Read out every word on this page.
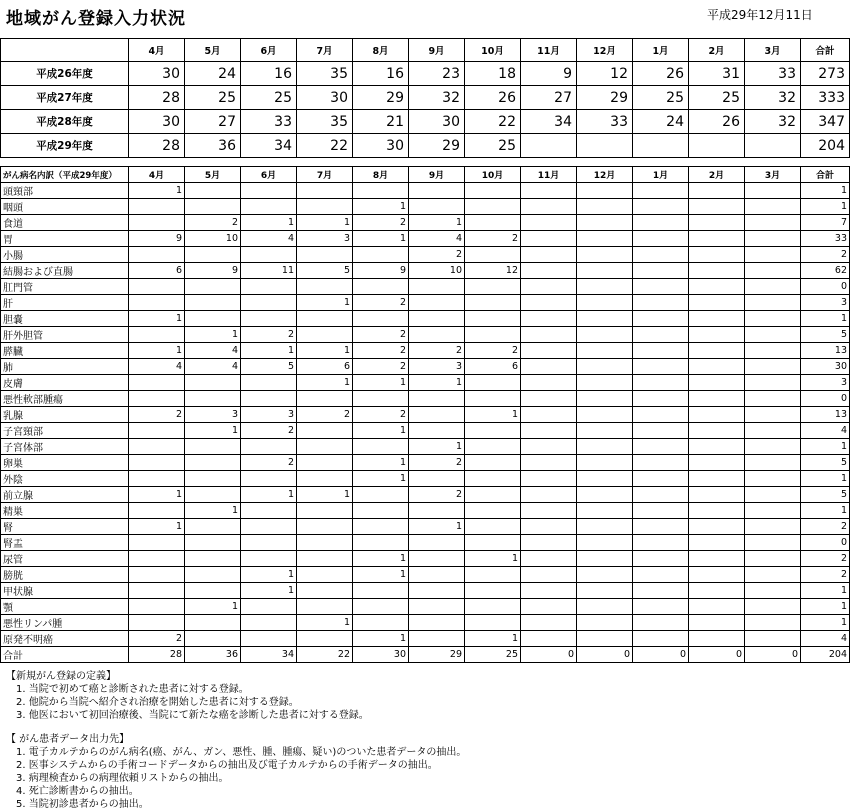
地域がん登録入力状況	平成29年12月11日
	4月	5月	6月	7月	8月	9月	10月	11月	12月	1月	2月	3月	合計
平成26年度	30	24	16	35	16	23	18	9	12	26	31	33	273
平成27年度	28	25	25	30	29	32	26	27	29	25	25	32	333
平成28年度	30	27	33	35	21	30	22	34	33	24	26	32	347
平成29年度	28	36	34	22	30	29	25						204
がん病名内訳（平成29年度）	4月	5月	6月	7月	8月	9月	10月	11月	12月	1月	2月	3月	合計
頭頸部	1												1
咽頭					1								1
食道		2	1	1	2	1							7
胃	9	10	4	3	1	4	2						33
小腸						2							2
結腸および直腸	6	9	11	5	9	10	12						62
肛門管													0
肝				1	2								3
胆嚢	1												1
肝外胆管		1	2		2								5
膵臓	1	4	1	1	2	2	2						13
肺	4	4	5	6	2	3	6						30
皮膚				1	1	1							3
悪性軟部腫瘍													0
乳腺	2	3	3	2	2		1						13
子宮頸部		1	2		1								4
子宮体部						1							1
卵巣			2		1	2							5
外陰					1								1
前立腺	1		1	1		2							5
精巣		1											1
腎	1					1							2
腎盂													0
尿管					1		1						2
膀胱			1		1								2
甲状腺			1										1
顎		1											1
悪性リンパ腫				1									1
原発不明癌	2				1		1						4
合計	28	36	34	22	30	29	25	0	0	0	0	0	204
【新規がん登録の定義】
1. 当院で初めて癌と診断された患者に対する登録。
2. 他院から当院へ紹介され治療を開始した患者に対する登録。
3. 他医において初回治療後、当院にて新たな癌を診断した患者に対する登録。
【 がん患者データ出力先】
1. 電子カルテからのがん病名(癌、がん、ガン、悪性、腫、腫瘍、疑い)のついた患者データの抽出。
2. 医事システムからの手術コードデータからの抽出及び電子カルテからの手術データの抽出。
3. 病理検査からの病理依頼リストからの抽出。
4. 死亡診断書からの抽出。
5. 当院初診患者からの抽出。
